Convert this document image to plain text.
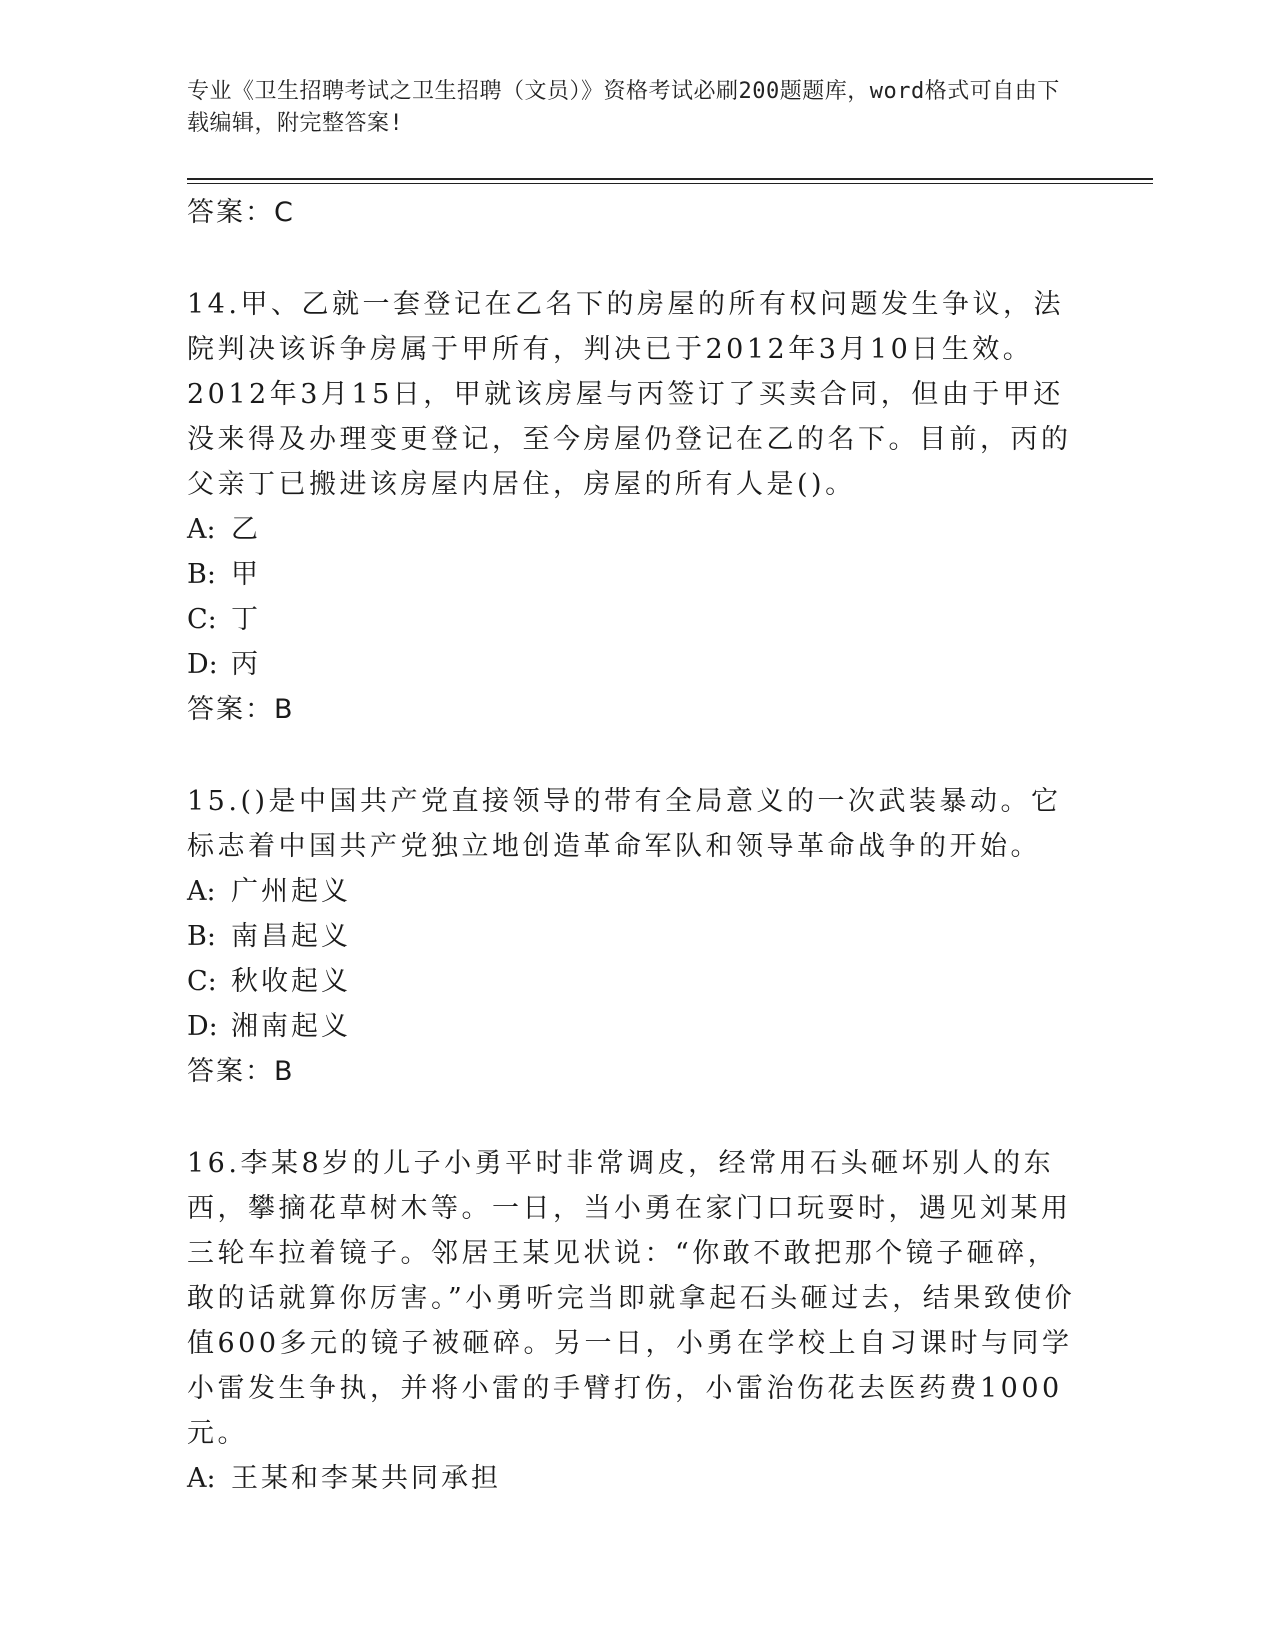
专业《卫生招聘考试之卫生招聘（文员）》资格考试必刷200题题库，word格式可自由下载编辑，附完整答案!
答案：C

14.甲、乙就一套登记在乙名下的房屋的所有权问题发生争议，法院判决该诉争房属于甲所有，判决已于2012年3月10日生效。2012年3月15日，甲就该房屋与丙签订了买卖合同，但由于甲还没来得及办理变更登记，至今房屋仍登记在乙的名下。目前，丙的父亲丁已搬进该房屋内居住，房屋的所有人是()。

A: 乙
B: 甲
C: 丁
D: 丙
答案：B

15.()是中国共产党直接领导的带有全局意义的一次武装暴动。它标志着中国共产党独立地创造革命军队和领导革命战争的开始。

A: 广州起义
B: 南昌起义
C: 秋收起义
D: 湘南起义
答案：B

16.李某8岁的儿子小勇平时非常调皮，经常用石头砸坏别人的东西，攀摘花草树木等。一日，当小勇在家门口玩耍时，遇见刘某用三轮车拉着镜子。邻居王某见状说：“你敢不敢把那个镜子砸碎，敢的话就算你厉害。”小勇听完当即就拿起石头砸过去，结果致使价值600多元的镜子被砸碎。另一日，小勇在学校上自习课时与同学小雷发生争执，并将小雷的手臂打伤，小雷治伤花去医药费1000元。

A: 王某和李某共同承担
